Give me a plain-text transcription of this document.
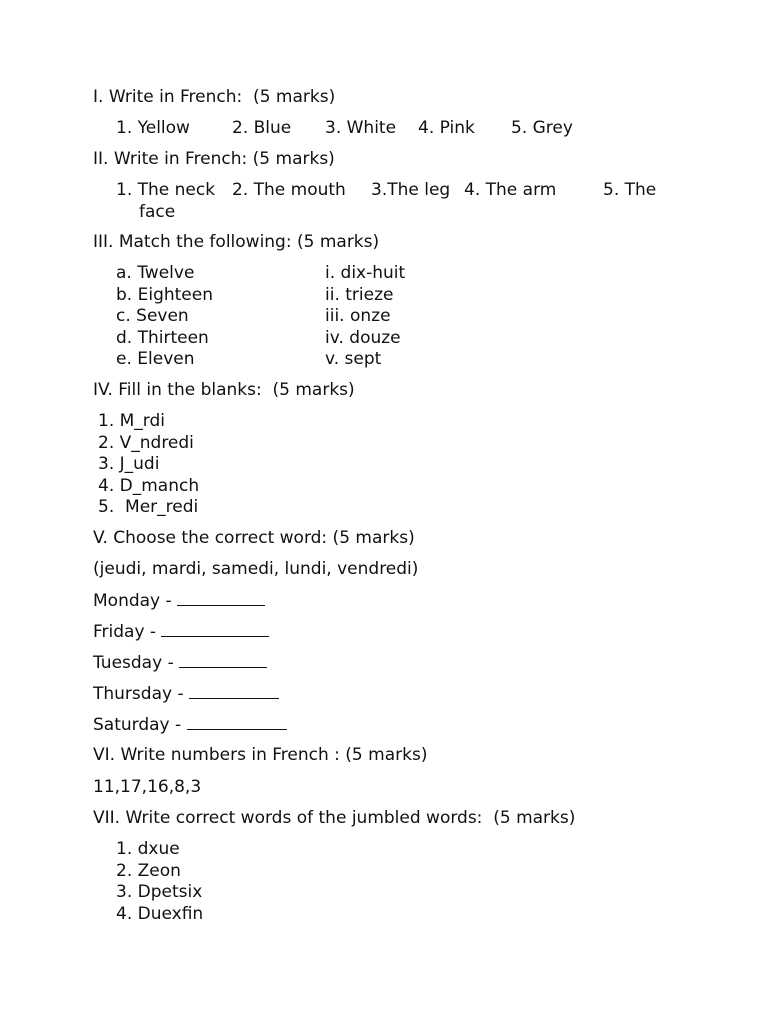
I. Write in French:  (5 marks)
1. Yellow 2. Blue 3. White 4. Pink 5. Grey
II. Write in French: (5 marks)
1. The neck 2. The mouth 3.The leg 4. The arm	5. The
face
III. Match the following: (5 marks)
a. Twelve
b. Eighteen
c. Seven
d. Thirteen
e. Eleven
i. dix-huit
ii. trieze
iii. onze
iv. douze
v. sept
IV. Fill in the blanks:  (5 marks)
1. M_rdi
2. V_ndredi
3. J_udi
4. D_manch
5.  Mer_redi
V. Choose the correct word: (5 marks)
(jeudi, mardi, samedi, lundi, vendredi)
Monday -
Friday -
Tuesday -
Thursday -
Saturday -
VI. Write numbers in French : (5 marks)
11,17,16,8,3
VII. Write correct words of the jumbled words:  (5 marks)
1. dxue
2. Zeon
3. Dpetsix
4. Duexfin
